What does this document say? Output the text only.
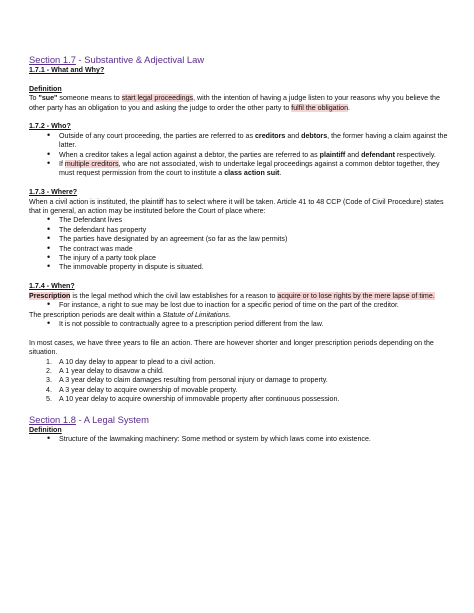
Section 1.7 - Substantive & Adjectival Law
1.7.1 - What and Why?
Definition

To "sue" someone means to start legal proceedings, with the intention of having a judge listen to your reasons why you believe the other party has an obligation to you and asking the judge to order the other party to fulfil the obligation.

1.7.2 - Who?
• Outside of any court proceeding, the parties are referred to as creditors and debtors, the former having a claim against the latter.
• When a creditor takes a legal action against a debtor, the parties are referred to as plaintiff and defendant respectively.
• If multiple creditors, who are not associated, wish to undertake legal proceedings against a common debtor together, they must request permission from the court to institute a class action suit.
1.7.3 - Where?

When a civil action is instituted, the plaintiff has to select where it will be taken. Article 41 to 48 CCP (Code of Civil Procedure) states that in general, an action may be instituted before the Court of place where:

• The Defendant lives
• The defendant has property
• The parties have designated by an agreement (so far as the law permits)
• The contract was made
• The injury of a party took place
• The immovable property in dispute is situated.
1.7.4 - When?

Prescription is the legal method which the civil law establishes for a reason to acquire or to lose rights by the mere lapse of time.

• For instance, a right to sue may be lost due to inaction for a specific period of time on the part of the creditor.

The prescription periods are dealt within a Statute of Limitations.

• It is not possible to contractually agree to a prescription period different from the law.

In most cases, we have three years to file an action. There are however shorter and longer prescription periods depending on the situation.

1. A 10 day delay to appear to plead to a civil action.
2. A 1 year delay to disavow a child.
3. A 3 year delay to claim damages resulting from personal injury or damage to property.
4. A 3 year delay to acquire ownership of movable property.
5. A 10 year delay to acquire ownership of immovable property after continuous possession.
Section 1.8 - A Legal System
Definition
• Structure of the lawmaking machinery: Some method or system by which laws come into existence.
